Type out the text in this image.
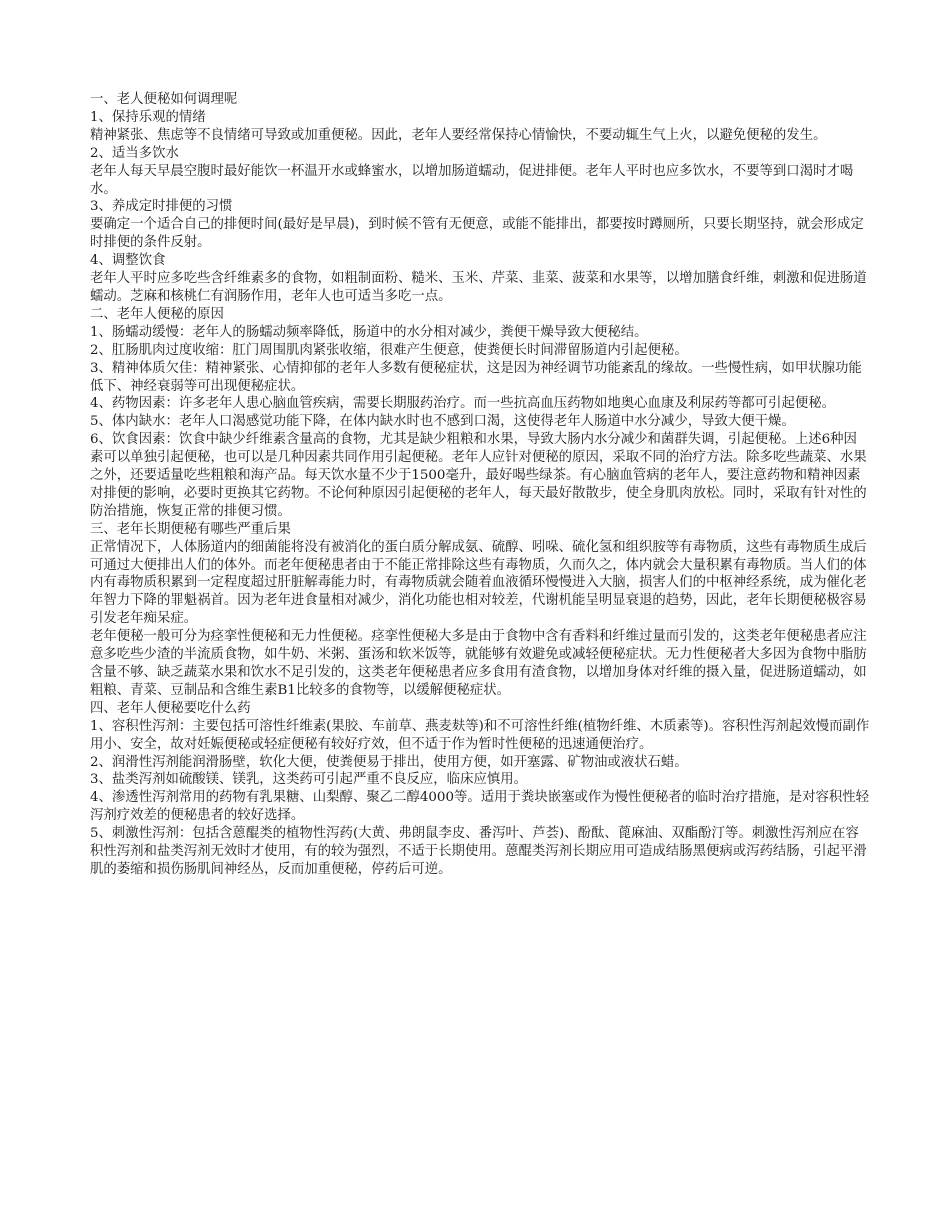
一、老人便秘如何调理呢

1、保持乐观的情绪

精神紧张、焦虑等不良情绪可导致或加重便秘。因此，老年人要经常保持心情愉快，不要动辄生气上火，以避免便秘的发生。

2、适当多饮水

老年人每天早晨空腹时最好能饮一杯温开水或蜂蜜水，以增加肠道蠕动，促进排便。老年人平时也应多饮水，不要等到口渴时才喝水。

3、养成定时排便的习惯

要确定一个适合自己的排便时间(最好是早晨)，到时候不管有无便意，或能不能排出，都要按时蹲厕所，只要长期坚持，就会形成定时排便的条件反射。

4、调整饮食

老年人平时应多吃些含纤维素多的食物，如粗制面粉、糙米、玉米、芹菜、韭菜、菠菜和水果等，以增加膳食纤维，刺激和促进肠道蠕动。芝麻和核桃仁有润肠作用，老年人也可适当多吃一点。

二、老年人便秘的原因

1、肠蠕动缓慢：老年人的肠蠕动频率降低，肠道中的水分相对减少，粪便干燥导致大便秘结。

2、肛肠肌肉过度收缩：肛门周围肌肉紧张收缩，很难产生便意，使粪便长时间滞留肠道内引起便秘。

3、精神体质欠佳：精神紧张、心情抑郁的老年人多数有便秘症状，这是因为神经调节功能紊乱的缘故。一些慢性病，如甲状腺功能低下、神经衰弱等可出现便秘症状。

4、药物因素：许多老年人患心脑血管疾病，需要长期服药治疗。而一些抗高血压药物如地奥心血康及利尿药等都可引起便秘。

5、体内缺水：老年人口渴感觉功能下降，在体内缺水时也不感到口渴，这使得老年人肠道中水分减少，导致大便干燥。

6、饮食因素：饮食中缺少纤维素含量高的食物，尤其是缺少粗粮和水果，导致大肠内水分减少和菌群失调，引起便秘。上述6种因素可以单独引起便秘，也可以是几种因素共同作用引起便秘。老年人应针对便秘的原因，采取不同的治疗方法。除多吃些蔬菜、水果之外，还要适量吃些粗粮和海产品。每天饮水量不少于1500毫升，最好喝些绿茶。有心脑血管病的老年人，要注意药物和精神因素对排便的影响，必要时更换其它药物。不论何种原因引起便秘的老年人，每天最好散散步，使全身肌肉放松。同时，采取有针对性的防治措施，恢复正常的排便习惯。

三、老年长期便秘有哪些严重后果

正常情况下，人体肠道内的细菌能将没有被消化的蛋白质分解成氨、硫醇、吲哚、硫化氢和组织胺等有毒物质，这些有毒物质生成后可通过大便排出人们的体外。而老年便秘患者由于不能正常排除这些有毒物质，久而久之，体内就会大量积累有毒物质。当人们的体内有毒物质积累到一定程度超过肝脏解毒能力时，有毒物质就会随着血液循环慢慢进入大脑，损害人们的中枢神经系统，成为催化老年智力下降的罪魁祸首。因为老年进食量相对减少，消化功能也相对较差，代谢机能呈明显衰退的趋势，因此，老年长期便秘极容易引发老年痴呆症。

老年便秘一般可分为痉挛性便秘和无力性便秘。痉挛性便秘大多是由于食物中含有香料和纤维过量而引发的，这类老年便秘患者应注意多吃些少渣的半流质食物，如牛奶、米粥、蛋汤和软米饭等，就能够有效避免或减轻便秘症状。无力性便秘者大多因为食物中脂肪含量不够、缺乏蔬菜水果和饮水不足引发的，这类老年便秘患者应多食用有渣食物，以增加身体对纤维的摄入量，促进肠道蠕动，如粗粮、青菜、豆制品和含维生素B1比较多的食物等，以缓解便秘症状。

四、老年人便秘要吃什么药

1、容积性泻剂：主要包括可溶性纤维素(果胶、车前草、燕麦麸等)和不可溶性纤维(植物纤维、木质素等)。容积性泻剂起效慢而副作用小、安全，故对妊娠便秘或轻症便秘有较好疗效，但不适于作为暂时性便秘的迅速通便治疗。

2、润滑性泻剂能润滑肠壁，软化大便，使粪便易于排出，使用方便，如开塞露、矿物油或液状石蜡。

3、盐类泻剂如硫酸镁、镁乳，这类药可引起严重不良反应，临床应慎用。

4、渗透性泻剂常用的药物有乳果糖、山梨醇、聚乙二醇4000等。适用于粪块嵌塞或作为慢性便秘者的临时治疗措施，是对容积性轻泻剂疗效差的便秘患者的较好选择。

5、刺激性泻剂：包括含蒽醌类的植物性泻药(大黄、弗朗鼠李皮、番泻叶、芦荟)、酚酞、蓖麻油、双酯酚汀等。刺激性泻剂应在容积性泻剂和盐类泻剂无效时才使用，有的较为强烈，不适于长期使用。蒽醌类泻剂长期应用可造成结肠黑便病或泻药结肠，引起平滑肌的萎缩和损伤肠肌间神经丛，反而加重便秘，停药后可逆。
